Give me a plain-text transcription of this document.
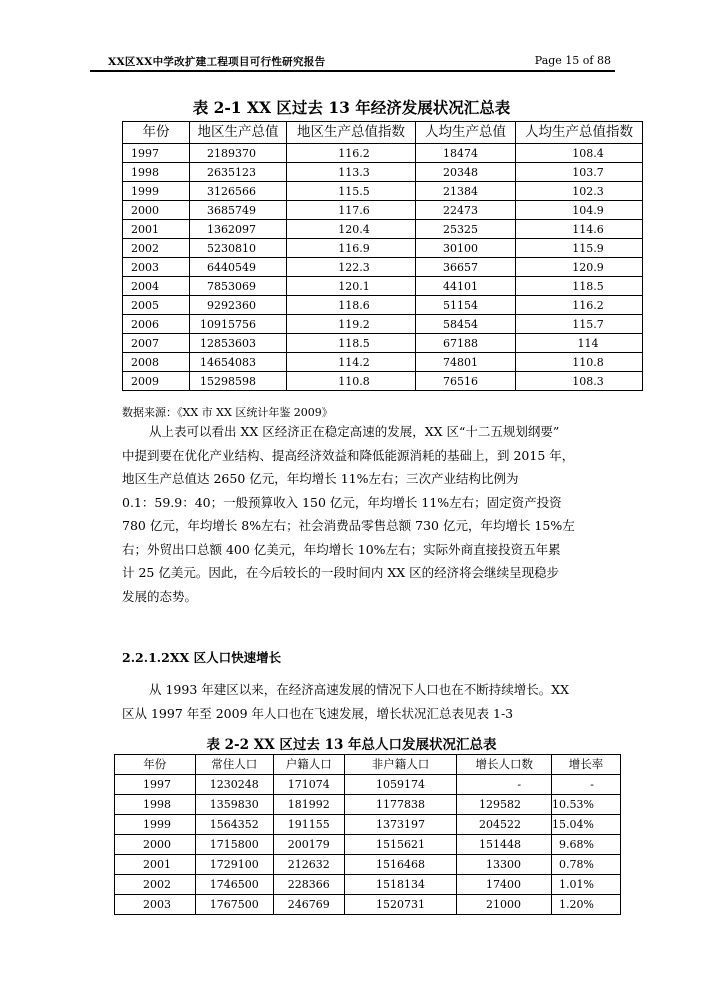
XX区XX中学改扩建工程项目可行性研究报告	Page 15 of 88
表 2-1 XX 区过去 13 年经济发展状况汇总表
年份	地区生产总值	地区生产总值指数	人均生产总值	人均生产总值指数
1997	2189370	116.2	18474	108.4
1998	2635123	113.3	20348	103.7
1999	3126566	115.5	21384	102.3
2000	3685749	117.6	22473	104.9
2001	1362097	120.4	25325	114.6
2002	5230810	116.9	30100	115.9
2003	6440549	122.3	36657	120.9
2004	7853069	120.1	44101	118.5
2005	9292360	118.6	51154	116.2
2006	10915756	119.2	58454	115.7
2007	12853603	118.5	67188	114
2008	14654083	114.2	74801	110.8
2009	15298598	110.8	76516	108.3
数据来源：《XX 市 XX 区统计年鉴 2009》
从上表可以看出 XX 区经济正在稳定高速的发展，XX 区“十二五规划纲要”
中提到要在优化产业结构、提高经济效益和降低能源消耗的基础上，到 2015 年，
地区生产总值达 2650 亿元，年均增长 11%左右；三次产业结构比例为
0.1：59.9：40；一般预算收入 150 亿元，年均增长 11%左右；固定资产投资
780 亿元，年均增长 8%左右；社会消费品零售总额 730 亿元，年均增长 15%左
右；外贸出口总额 400 亿美元，年均增长 10%左右；实际外商直接投资五年累
计 25 亿美元。因此，在今后较长的一段时间内 XX 区的经济将会继续呈现稳步
发展的态势。
2.2.1.2XX 区人口快速增长
从 1993 年建区以来，在经济高速发展的情况下人口也在不断持续增长。XX
区从 1997 年至 2009 年人口也在飞速发展，增长状况汇总表见表 1-3
表 2-2 XX 区过去 13 年总人口发展状况汇总表
年份	常住人口	户籍人口	非户籍人口	增长人口数	增长率
1997	1230248	171074	1059174	-	-
1998	1359830	181992	1177838	129582	10.53%
1999	1564352	191155	1373197	204522	15.04%
2000	1715800	200179	1515621	151448	9.68%
2001	1729100	212632	1516468	13300	0.78%
2002	1746500	228366	1518134	17400	1.01%
2003	1767500	246769	1520731	21000	1.20%
